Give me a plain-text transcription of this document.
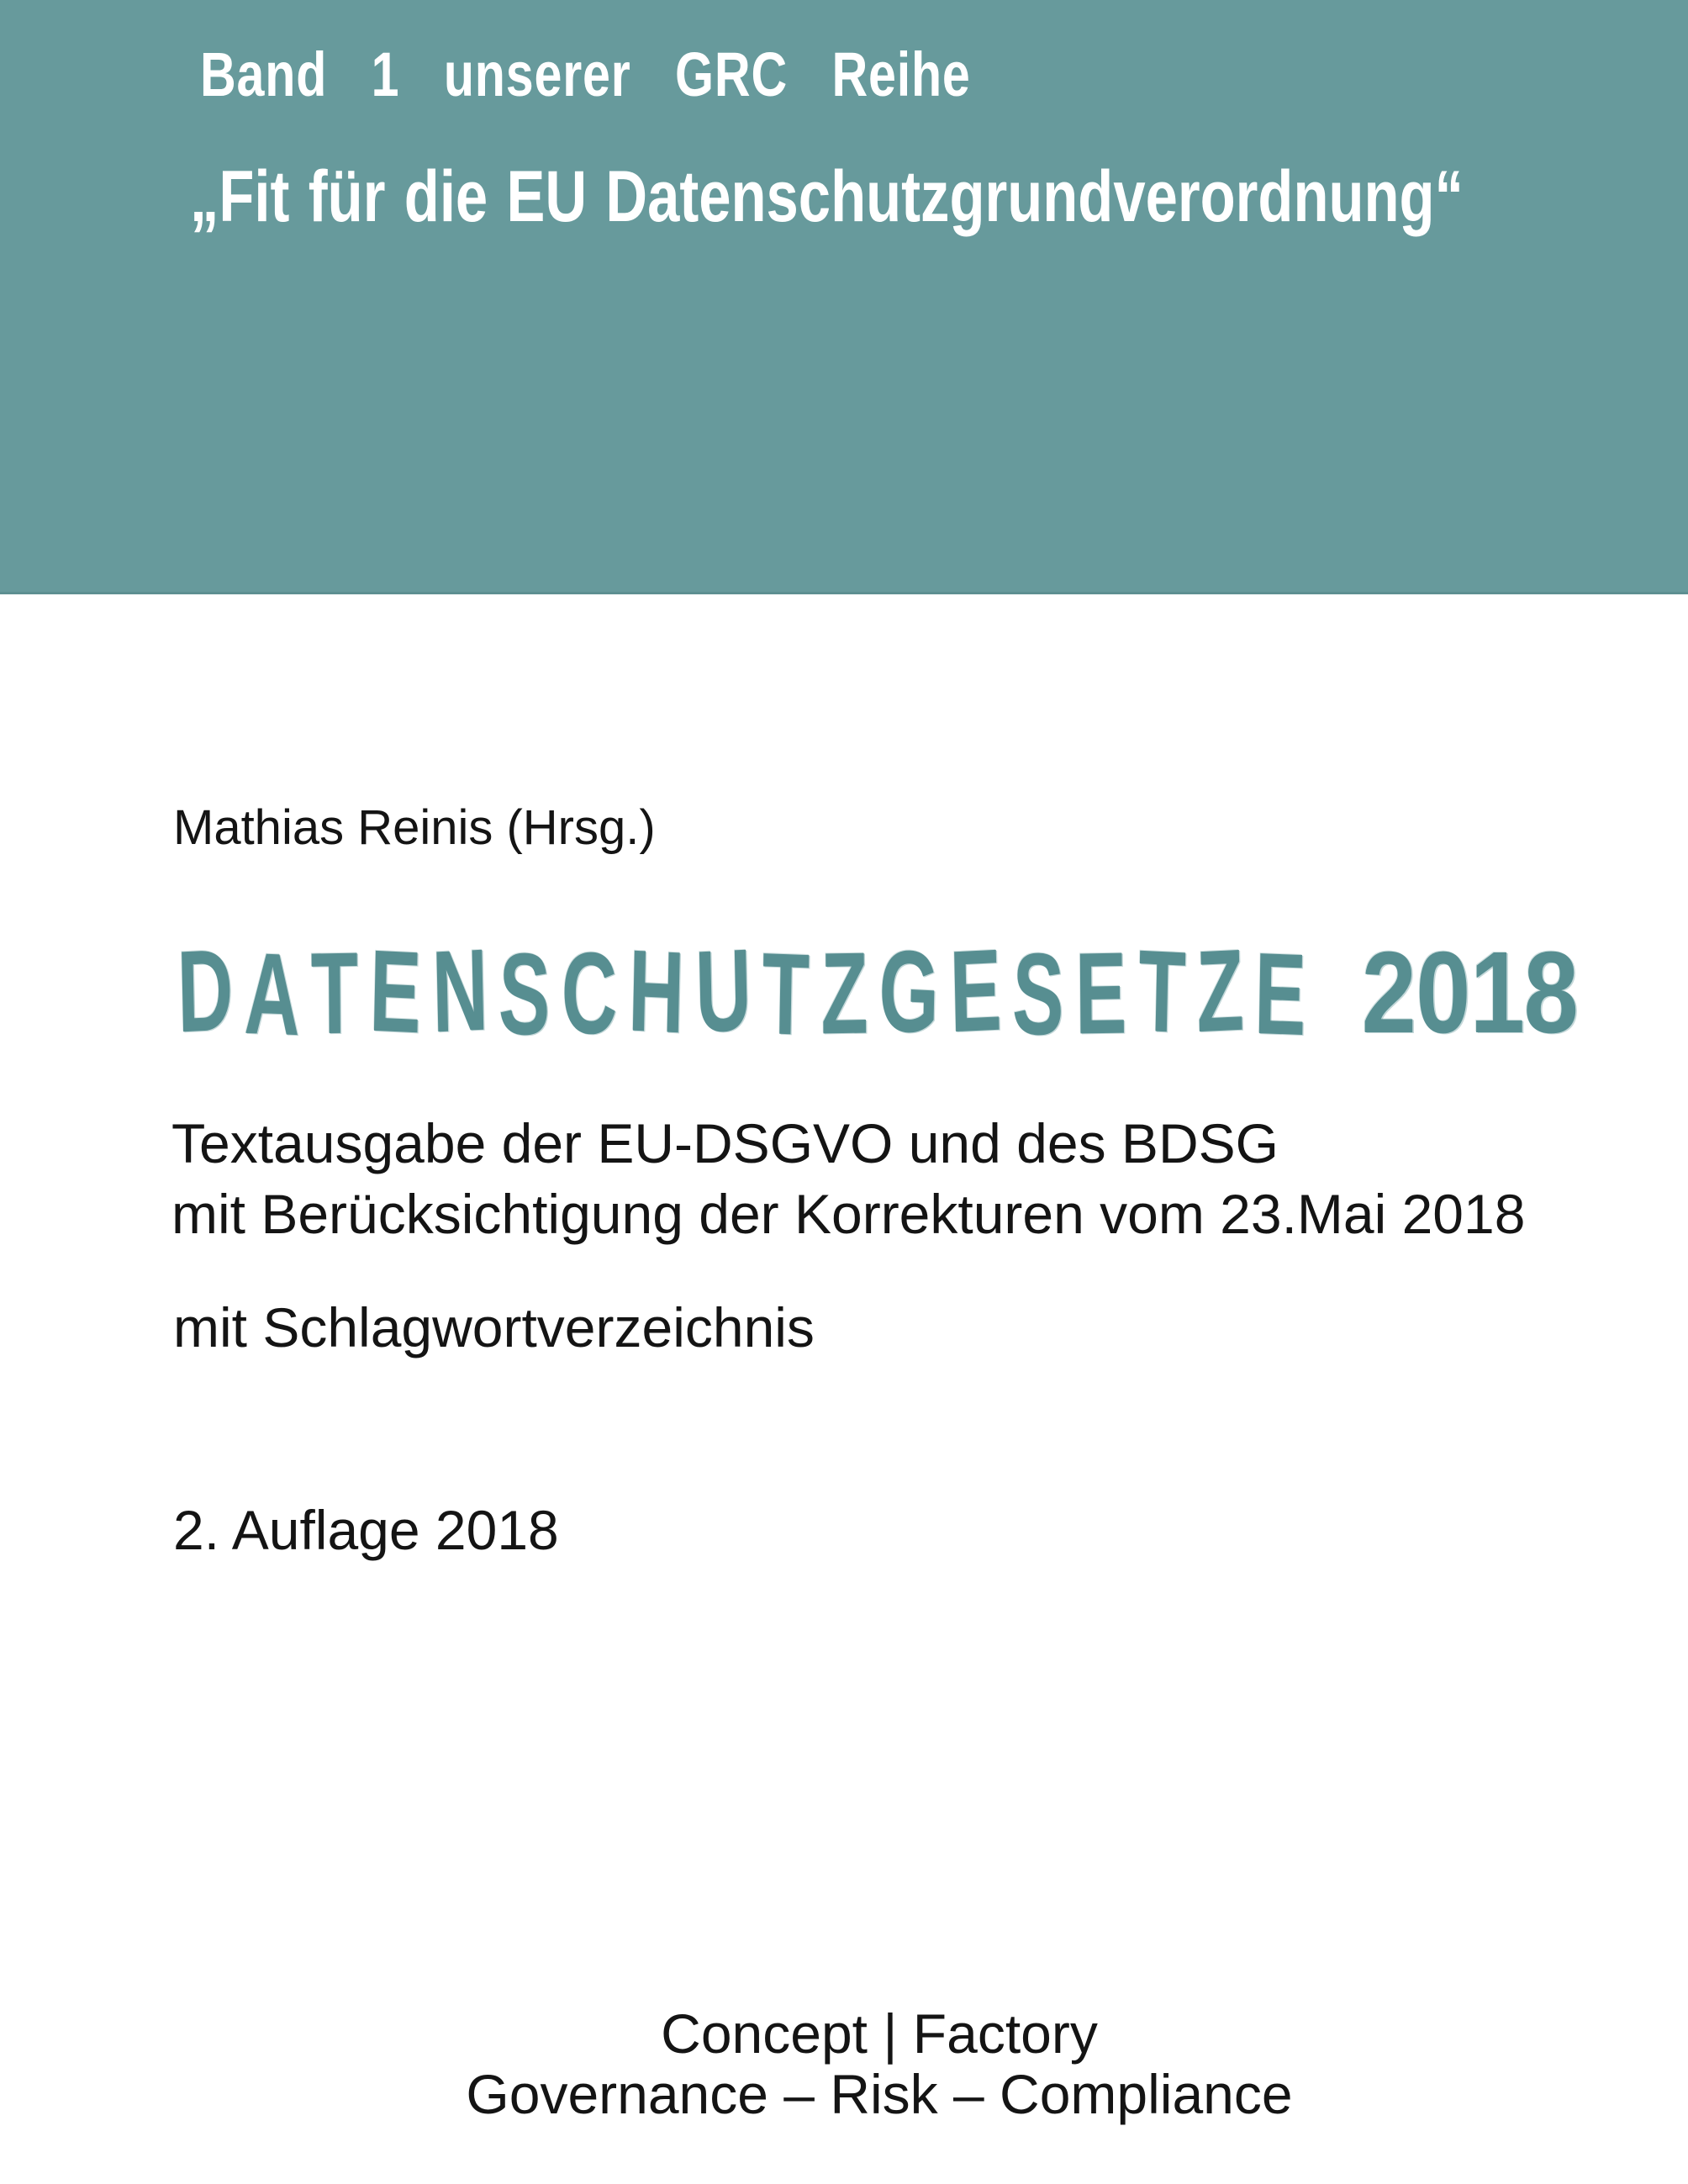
Band 1 unserer GRC Reihe
„Fit für die EU Datenschutzgrundverordnung“
Mathias Reinis (Hrsg.)
DATENSCHUTZGESETZE 2018
Textausgabe der EU-DSGVO und des BDSG
mit Berücksichtigung der Korrekturen vom 23.Mai 2018
mit Schlagwortverzeichnis
2. Auflage 2018
Concept | Factory
Governance – Risk – Compliance
